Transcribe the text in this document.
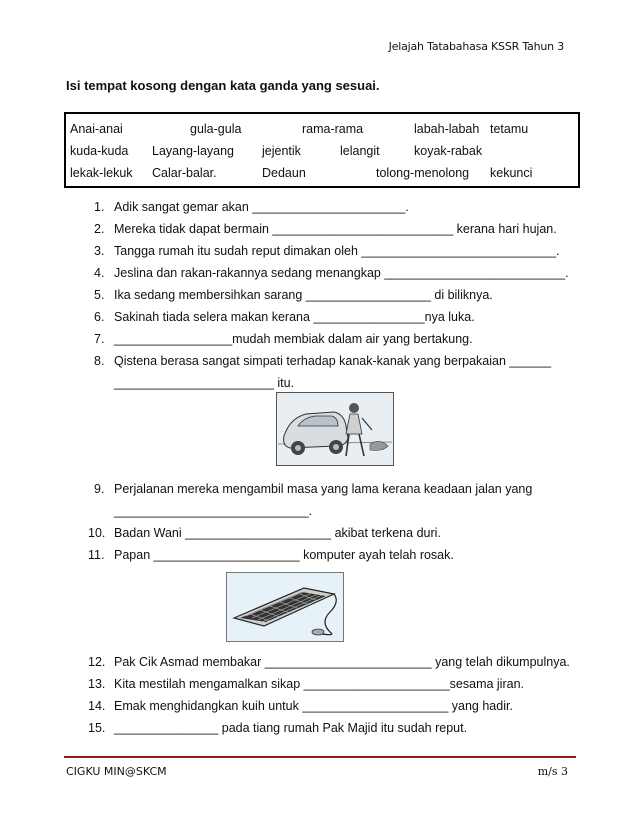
Jelajah Tatabahasa KSSR Tahun 3
Isi tempat kosong dengan kata ganda yang sesuai.
Anai-anai	gula-gula	rama-rama	labah-labah tetamu
kuda-kuda Layang-layang jejentik	lelangit	koyak-rabak
lekak-lekuk Calar-balar.	Dedaun	tolong-menolong kekunci
1. Adik sangat gemar akan ______________________.
2. Mereka tidak dapat bermain __________________________ kerana hari hujan.
3. Tangga rumah itu sudah reput dimakan oleh ____________________________.
4. Jeslina dan rakan-rakannya sedang menangkap __________________________.
5. Ika sedang membersihkan sarang __________________ di biliknya.
6. Sakinah tiada selera makan kerana ________________nya luka.
7. _________________mudah membiak dalam air yang bertakung.
8. Qistena berasa sangat simpati terhadap kanak-kanak yang berpakaian ______
_______________________ itu.
9. Perjalanan mereka mengambil masa yang lama kerana keadaan jalan yang
____________________________.
10. Badan Wani _____________________ akibat terkena duri.
11. Papan _____________________ komputer ayah telah rosak.
12. Pak Cik Asmad membakar ________________________ yang telah dikumpulnya.
13. Kita mestilah mengamalkan sikap _____________________sesama jiran.
14. Emak menghidangkan kuih untuk _____________________ yang hadir.
15. _______________ pada tiang rumah Pak Majid itu sudah reput.
CIGKU MIN@SKCM	m/s 3
